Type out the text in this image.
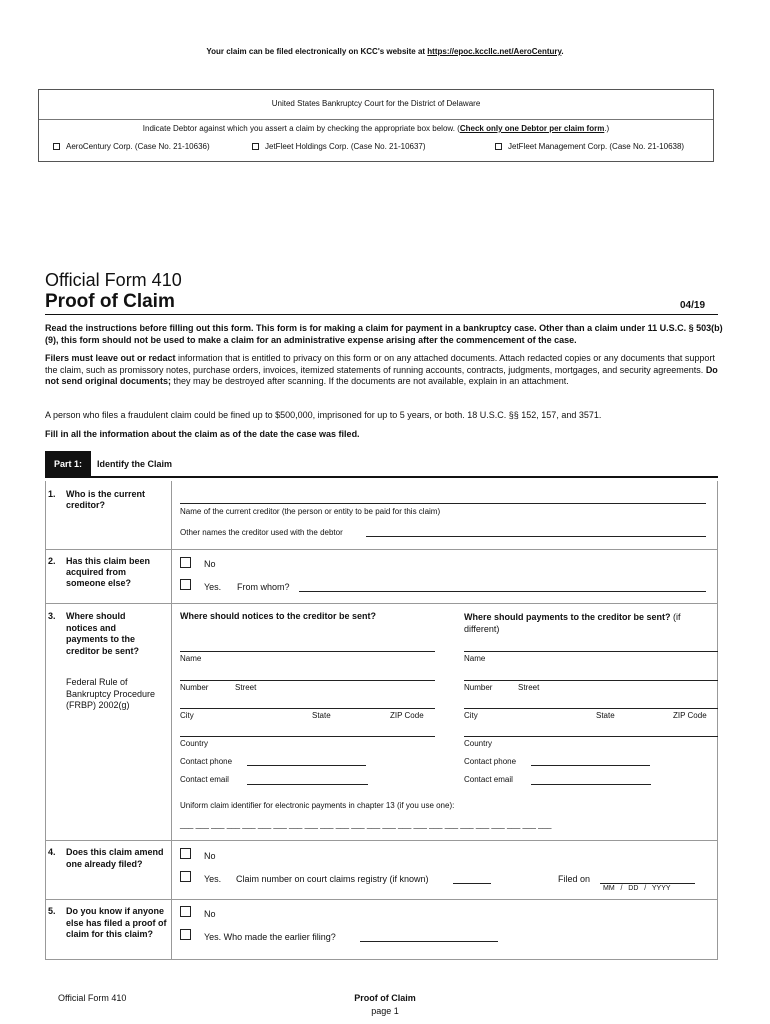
Your claim can be filed electronically on KCC's website at https://epoc.kccllc.net/AeroCentury.
United States Bankruptcy Court for the District of Delaware
Indicate Debtor against which you assert a claim by checking the appropriate box below. (Check only one Debtor per claim form.)
AeroCentury Corp. (Case No. 21-10636)	JetFleet Holdings Corp. (Case No. 21-10637)	JetFleet Management Corp. (Case No. 21-10638)
Official Form 410
Proof of Claim	04/19
Read the instructions before filling out this form. This form is for making a claim for payment in a bankruptcy case. Other than a claim under 11 U.S.C. § 503(b)(9), this form should not be used to make a claim for an administrative expense arising after the commencement of the case.
Filers must leave out or redact information that is entitled to privacy on this form or on any attached documents. Attach redacted copies or any documents that support the claim, such as promissory notes, purchase orders, invoices, itemized statements of running accounts, contracts, judgments, mortgages, and security agreements. Do not send original documents; they may be destroyed after scanning. If the documents are not available, explain in an attachment.
A person who files a fraudulent claim could be fined up to $500,000, imprisoned for up to 5 years, or both. 18 U.S.C. §§ 152, 157, and 3571.
Fill in all the information about the claim as of the date the case was filed.
Part 1:	Identify the Claim
1. Who is the current creditor?
Name of the current creditor (the person or entity to be paid for this claim)
Other names the creditor used with the debtor
2. Has this claim been acquired from someone else?
No
Yes. From whom?
3. Where should notices and payments to the creditor be sent?
Federal Rule of Bankruptcy Procedure (FRBP) 2002(g)
Where should notices to the creditor be sent?	Where should payments to the creditor be sent? (if different)
Name
Number	Street
City	State	ZIP Code
Country
Contact phone
Contact email
Name
Number	Street
City	State	ZIP Code
Country
Contact phone
Contact email
Uniform claim identifier for electronic payments in chapter 13 (if you use one):
___ ___ ___ ___ ___ ___ ___ ___ ___ ___ ___ ___ ___ ___ ___ ___ ___ ___ ___ ___ ___ ___ ___ ___
4. Does this claim amend one already filed?
No
Yes. Claim number on court claims registry (if known)	Filed on
MM   /   DD   /   YYYY
5. Do you know if anyone else has filed a proof of claim for this claim?
No
Yes. Who made the earlier filing?
Official Form 410	Proof of Claim
page 1
